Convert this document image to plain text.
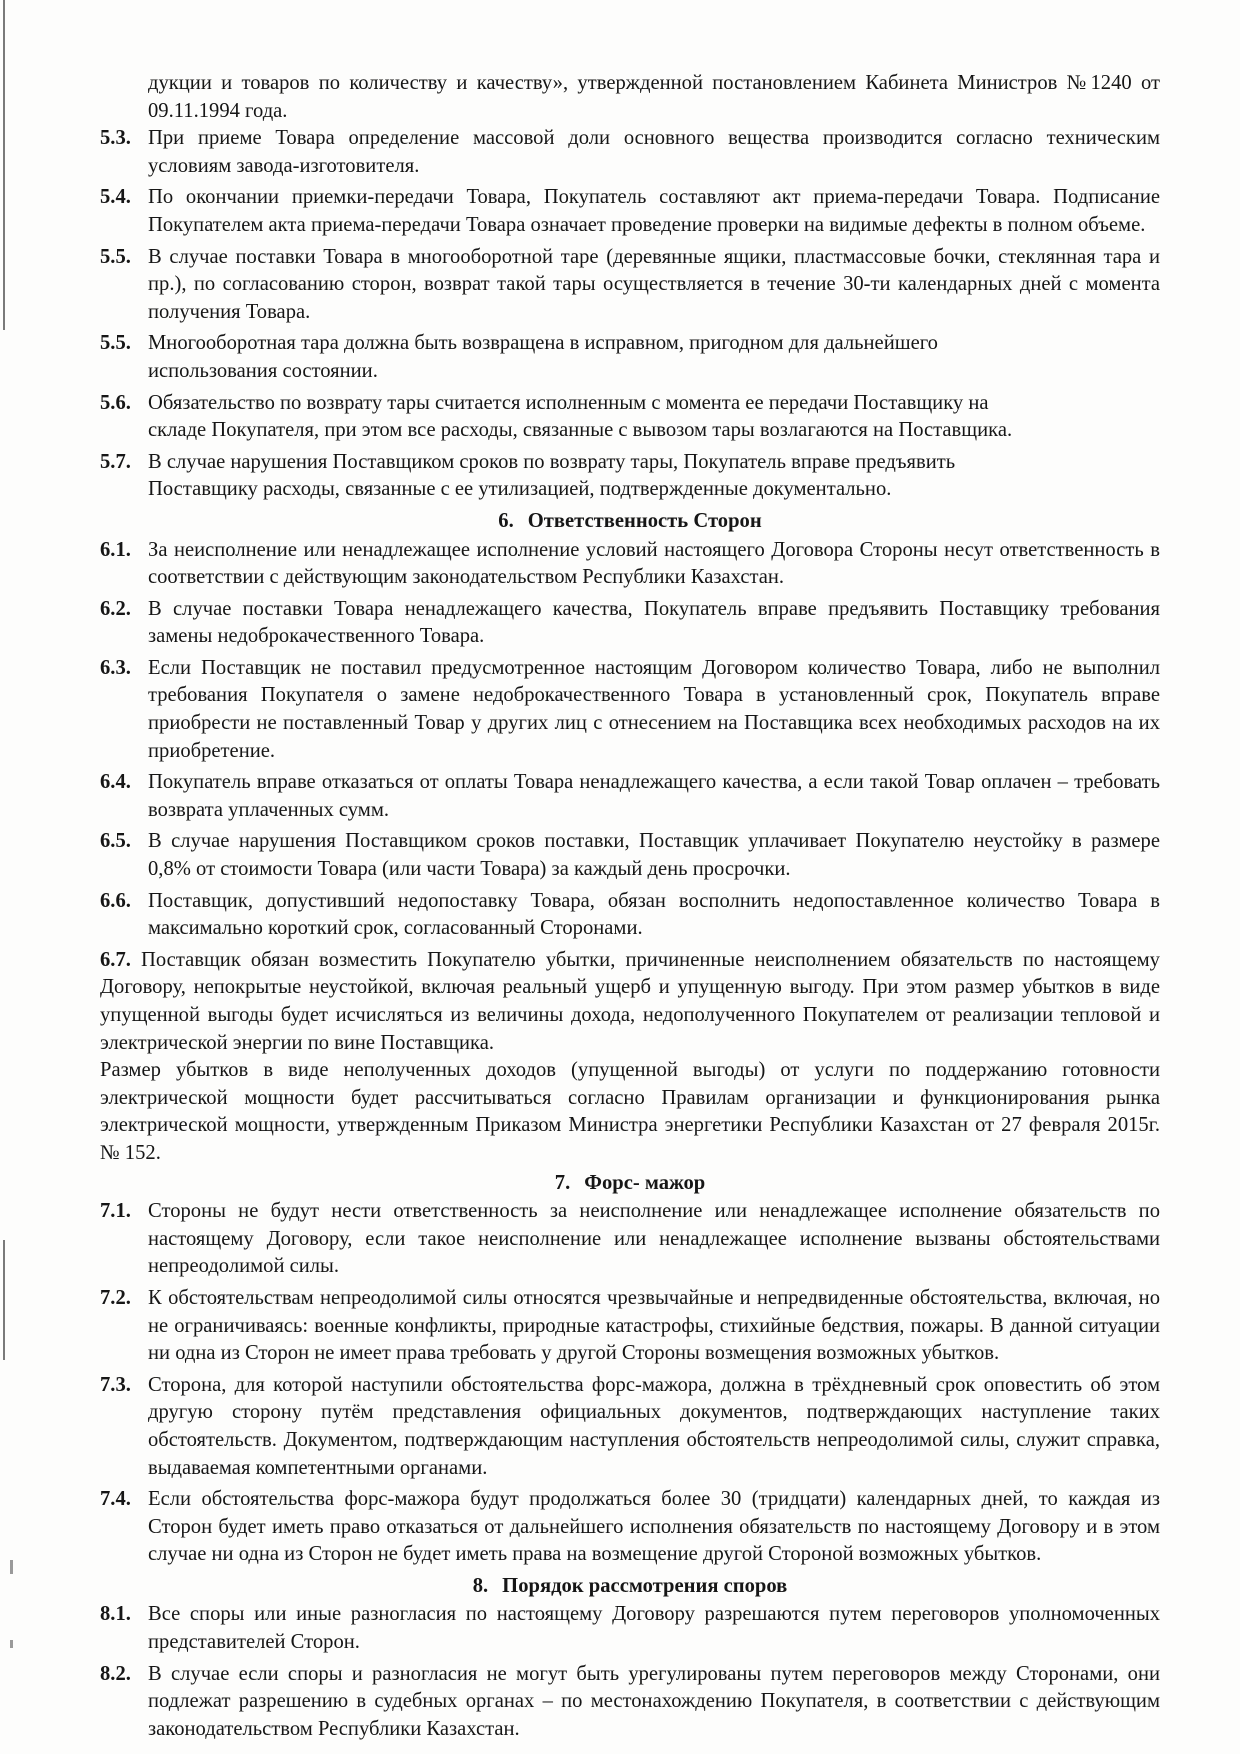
дукции и товаров по количеству и качеству», утвержденной постановлением Кабинета Министров №1240 от 09.11.1994 года.
5.3. При приеме Товара определение массовой доли основного вещества производится согласно техническим условиям завода-изготовителя.
5.4. По окончании приемки-передачи Товара, Покупатель составляют акт приема-передачи Товара. Подписание Покупателем акта приема-передачи Товара означает проведение проверки на видимые дефекты в полном объеме.
5.5. В случае поставки Товара в многооборотной таре (деревянные ящики, пластмассовые бочки, стеклянная тара и пр.), по согласованию сторон, возврат такой тары осуществляется в течение 30-ти календарных дней с момента получения Товара.
5.5. Многооборотная тара должна быть возвращена в исправном, пригодном для дальнейшего использования состоянии.
5.6. Обязательство по возврату тары считается исполненным с момента ее передачи Поставщику на складе Покупателя, при этом все расходы, связанные с вывозом тары возлагаются на Поставщика.
5.7. В случае нарушения Поставщиком сроков по возврату тары, Покупатель вправе предъявить Поставщику расходы, связанные с ее утилизацией, подтвержденные документально.
6. Ответственность Сторон
6.1. За неисполнение или ненадлежащее исполнение условий настоящего Договора Стороны несут ответственность в соответствии с действующим законодательством Республики Казахстан.
6.2. В случае поставки Товара ненадлежащего качества, Покупатель вправе предъявить Поставщику требования замены недоброкачественного Товара.
6.3. Если Поставщик не поставил предусмотренное настоящим Договором количество Товара, либо не выполнил требования Покупателя о замене недоброкачественного Товара в установленный срок, Покупатель вправе приобрести не поставленный Товар у других лиц с отнесением на Поставщика всех необходимых расходов на их приобретение.
6.4. Покупатель вправе отказаться от оплаты Товара ненадлежащего качества, а если такой Товар оплачен – требовать возврата уплаченных сумм.
6.5. В случае нарушения Поставщиком сроков поставки, Поставщик уплачивает Покупателю неустойку в размере 0,8% от стоимости Товара (или части Товара) за каждый день просрочки.
6.6. Поставщик, допустивший недопоставку Товара, обязан восполнить недопоставленное количество Товара в максимально короткий срок, согласованный Сторонами.
6.7. Поставщик обязан возместить Покупателю убытки, причиненные неисполнением обязательств по настоящему Договору, непокрытые неустойкой, включая реальный ущерб и упущенную выгоду. При этом размер убытков в виде упущенной выгоды будет исчисляться из величины дохода, недополученного Покупателем от реализации тепловой и электрической энергии по вине Поставщика.
Размер убытков в виде неполученных доходов (упущенной выгоды) от услуги по поддержанию готовности электрической мощности будет рассчитываться согласно Правилам организации и функционирования рынка электрической мощности, утвержденным Приказом Министра энергетики Республики Казахстан от 27 февраля 2015г. № 152.
7. Форс- мажор
7.1. Стороны не будут нести ответственность за неисполнение или ненадлежащее исполнение обязательств по настоящему Договору, если такое неисполнение или ненадлежащее исполнение вызваны обстоятельствами непреодолимой силы.
7.2. К обстоятельствам непреодолимой силы относятся чрезвычайные и непредвиденные обстоятельства, включая, но не ограничиваясь: военные конфликты, природные катастрофы, стихийные бедствия, пожары. В данной ситуации ни одна из Сторон не имеет права требовать у другой Стороны возмещения возможных убытков.
7.3. Сторона, для которой наступили обстоятельства форс-мажора, должна в трёхдневный срок оповестить об этом другую сторону путём представления официальных документов, подтверждающих наступление таких обстоятельств. Документом, подтверждающим наступления обстоятельств непреодолимой силы, служит справка, выдаваемая компетентными органами.
7.4. Если обстоятельства форс-мажора будут продолжаться более 30 (тридцати) календарных дней, то каждая из Сторон будет иметь право отказаться от дальнейшего исполнения обязательств по настоящему Договору и в этом случае ни одна из Сторон не будет иметь права на возмещение другой Стороной возможных убытков.
8. Порядок рассмотрения споров
8.1. Все споры или иные разногласия по настоящему Договору разрешаются путем переговоров уполномоченных представителей Сторон.
8.2. В случае если споры и разногласия не могут быть урегулированы путем переговоров между Сторонами, они подлежат разрешению в судебных органах – по местонахождению Покупателя, в соответствии с действующим законодательством Республики Казахстан.
